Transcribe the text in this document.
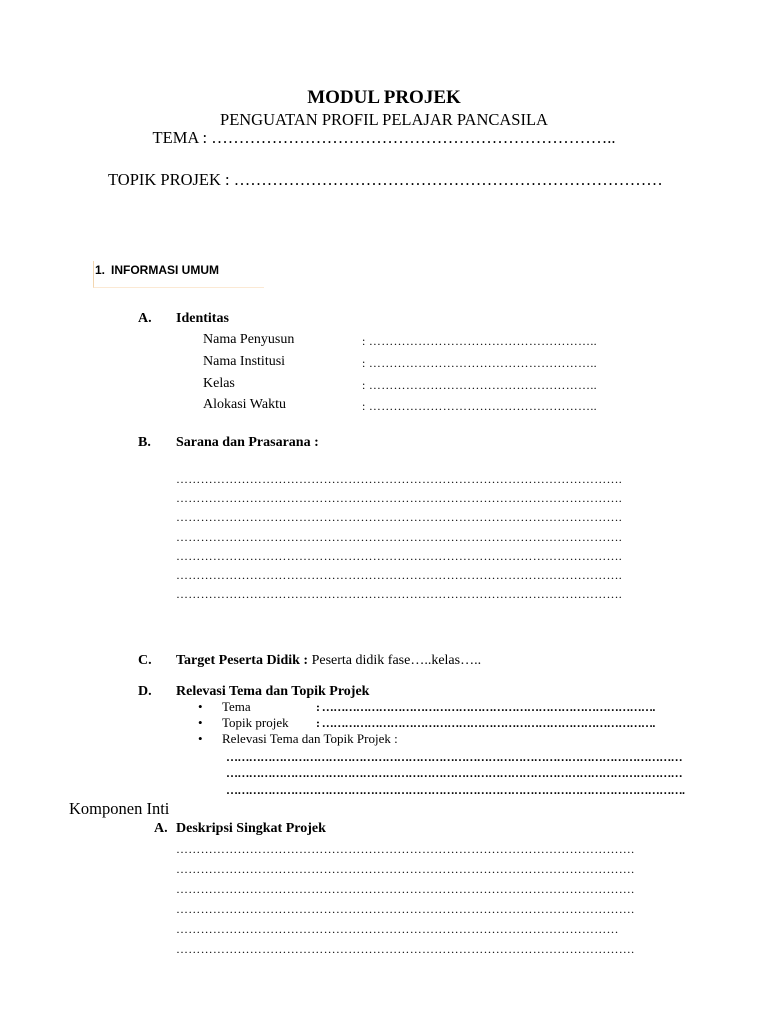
MODUL PROJEK
PENGUATAN PROFIL PELAJAR PANCASILA
TEMA : ………………………………………………………………..
TOPIK PROJEK : ……………………………………………………………………
1. INFORMASI UMUM
A. Identitas
Nama Penyusun	: ………………………………………………..
Nama Institusi	: ………………………………………………..
Kelas	: ………………………………………………..
Alokasi Waktu	: ………………………………………………..
B. Sarana dan Prasarana :
……………………………………………………………………………………………….
……………………………………………………………………………………………….
……………………………………………………………………………………………….
……………………………………………………………………………………………….
……………………………………………………………………………………………….
……………………………………………………………………………………………….
……………………………………………………………………………………………….
C. Target Peserta Didik : Peserta didik fase…..kelas…..
D. Relevasi Tema dan Topik Projek
• Tema	: …………………………………………………………………………….
• Topik projek : …………………………………………………………………………….
• Relevasi Tema dan Topik Projek :
…………………………………………………………………………………………………………
…………………………………………………………………………………………………………
………………………………………………………………………………………………………….
Komponen Inti
A. Deskripsi Singkat Projek
………………………………………………………………………………………………….
………………………………………………………………………………………………….
………………………………………………………………………………………………….
………………………………………………………………………………………………….
………………………………………………………………………………………………
………………………………………………………………………………………………….
